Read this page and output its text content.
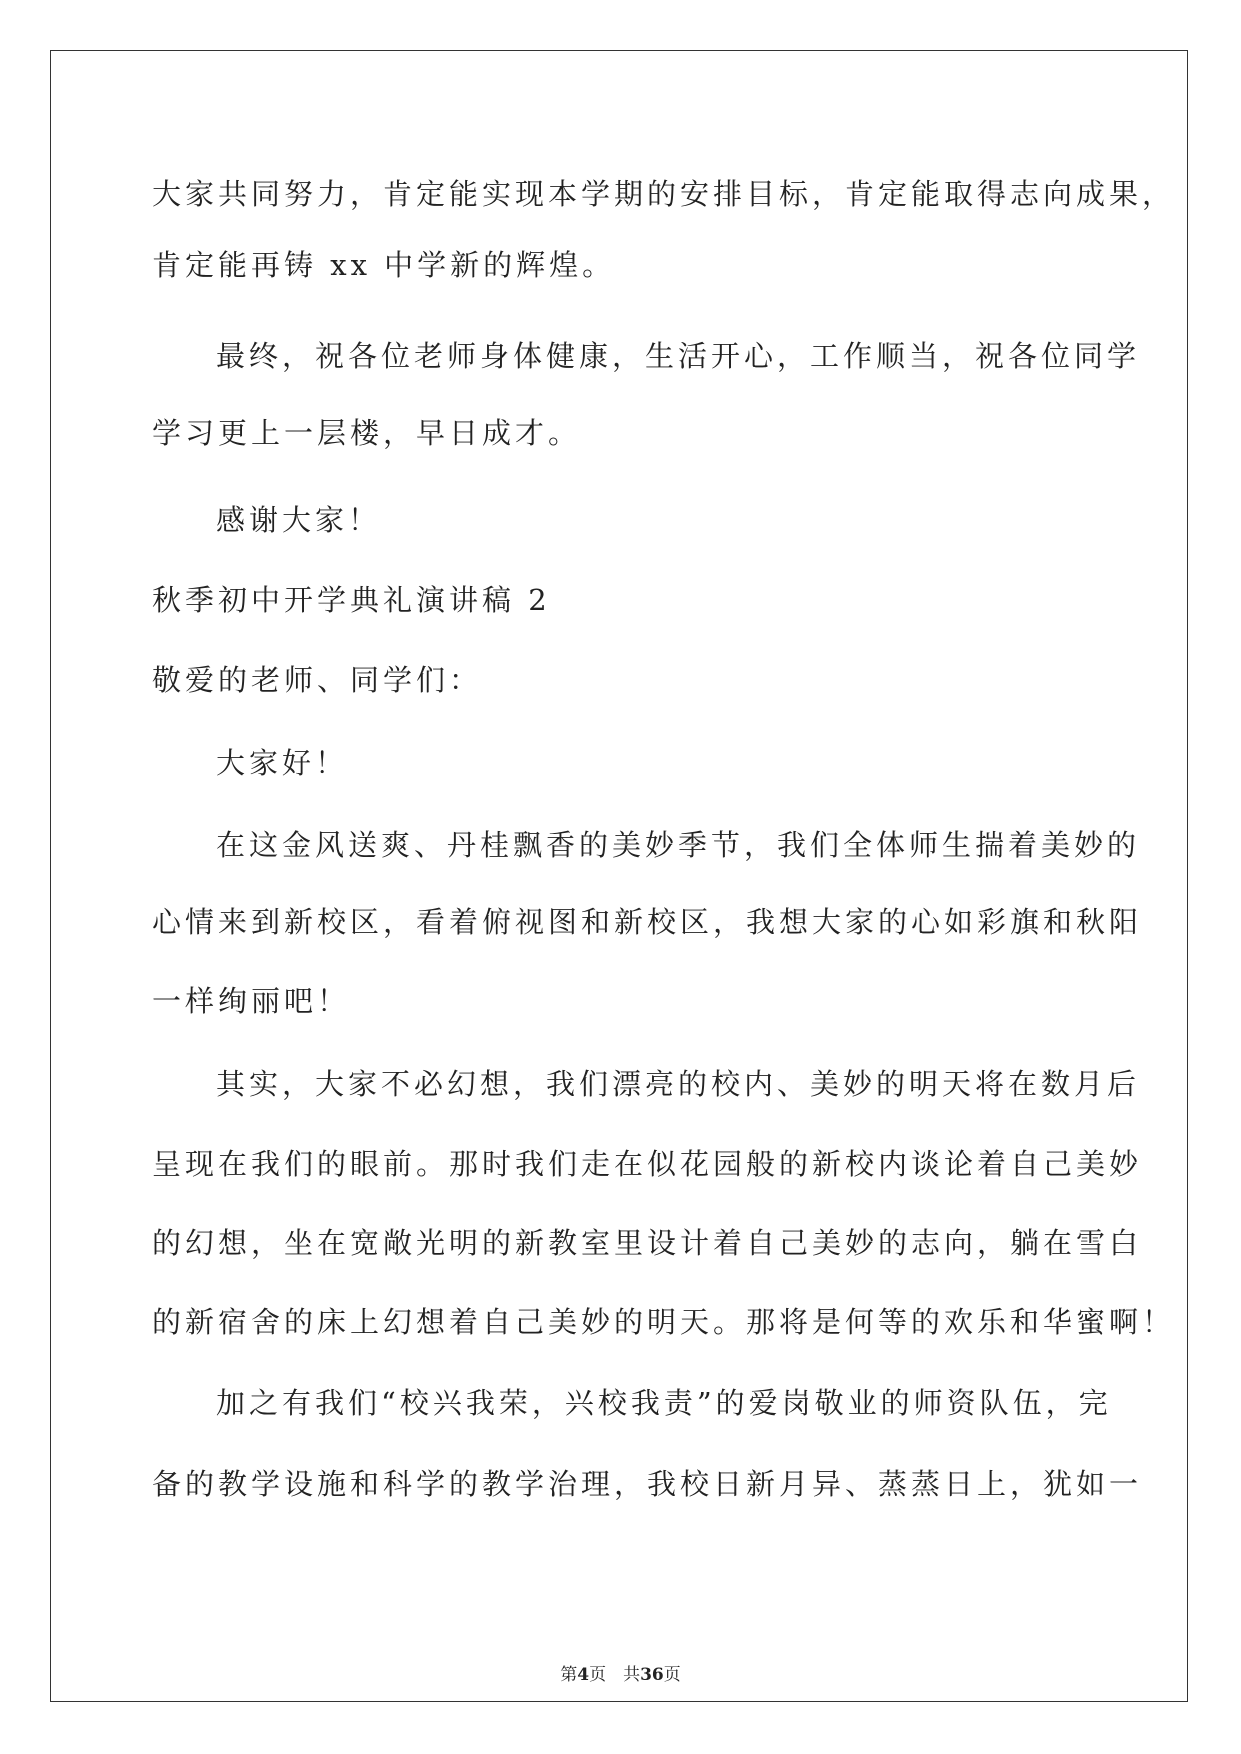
大家共同努力，肯定能实现本学期的安排目标，肯定能取得志向成果，
肯定能再铸 xx 中学新的辉煌。
最终，祝各位老师身体健康，生活开心，工作顺当，祝各位同学
学习更上一层楼，早日成才。
感谢大家！
秋季初中开学典礼演讲稿 2
敬爱的老师、同学们：
大家好！
在这金风送爽、丹桂飘香的美妙季节，我们全体师生揣着美妙的
心情来到新校区，看着俯视图和新校区，我想大家的心如彩旗和秋阳
一样绚丽吧！
其实，大家不必幻想，我们漂亮的校内、美妙的明天将在数月后
呈现在我们的眼前。那时我们走在似花园般的新校内谈论着自己美妙
的幻想，坐在宽敞光明的新教室里设计着自己美妙的志向，躺在雪白
的新宿舍的床上幻想着自己美妙的明天。那将是何等的欢乐和华蜜啊！
加之有我们“校兴我荣，兴校我责”的爱岗敬业的师资队伍，完
备的教学设施和科学的教学治理，我校日新月异、蒸蒸日上，犹如一
第4页　共36页
